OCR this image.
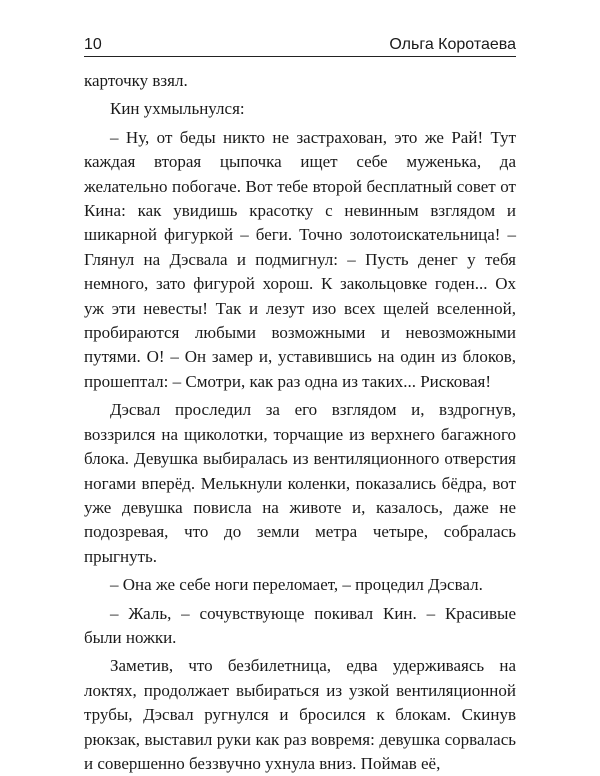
10	Ольга Коротаева

карточку взял.

Кин ухмыльнулся:

– Ну, от беды никто не застрахован, это же Рай! Тут каждая вторая цыпочка ищет себе муженька, да желательно побогаче. Вот тебе второй бесплатный совет от Кина: как увидишь красотку с невинным взглядом и шикарной фигуркой – беги. Точно золотоискательница! – Глянул на Дэсвала и подмигнул: – Пусть денег у тебя немного, зато фигурой хорош. К закольцовке годен... Ох уж эти невесты! Так и лезут изо всех щелей вселенной, пробираются любыми возможными и невозможными путями. О! – Он замер и, уставившись на один из блоков, прошептал: – Смотри, как раз одна из таких... Рисковая!

Дэсвал проследил за его взглядом и, вздрогнув, воззрился на щиколотки, торчащие из верхнего багажного блока. Девушка выбиралась из вентиляционного отверстия ногами вперёд. Мелькнули коленки, показались бёдра, вот уже девушка повисла на животе и, казалось, даже не подозревая, что до земли метра четыре, собралась прыгнуть.

– Она же себе ноги переломает, – процедил Дэсвал.

– Жаль, – сочувствующе покивал Кин. – Красивые были ножки.

Заметив, что безбилетница, едва удерживаясь на локтях, продолжает выбираться из узкой вентиляционной трубы, Дэсвал ругнулся и бросился к блокам. Скинув рюкзак, выставил руки как раз вовремя: девушка сорвалась и совершенно беззвучно ухнула вниз. Поймав её,
